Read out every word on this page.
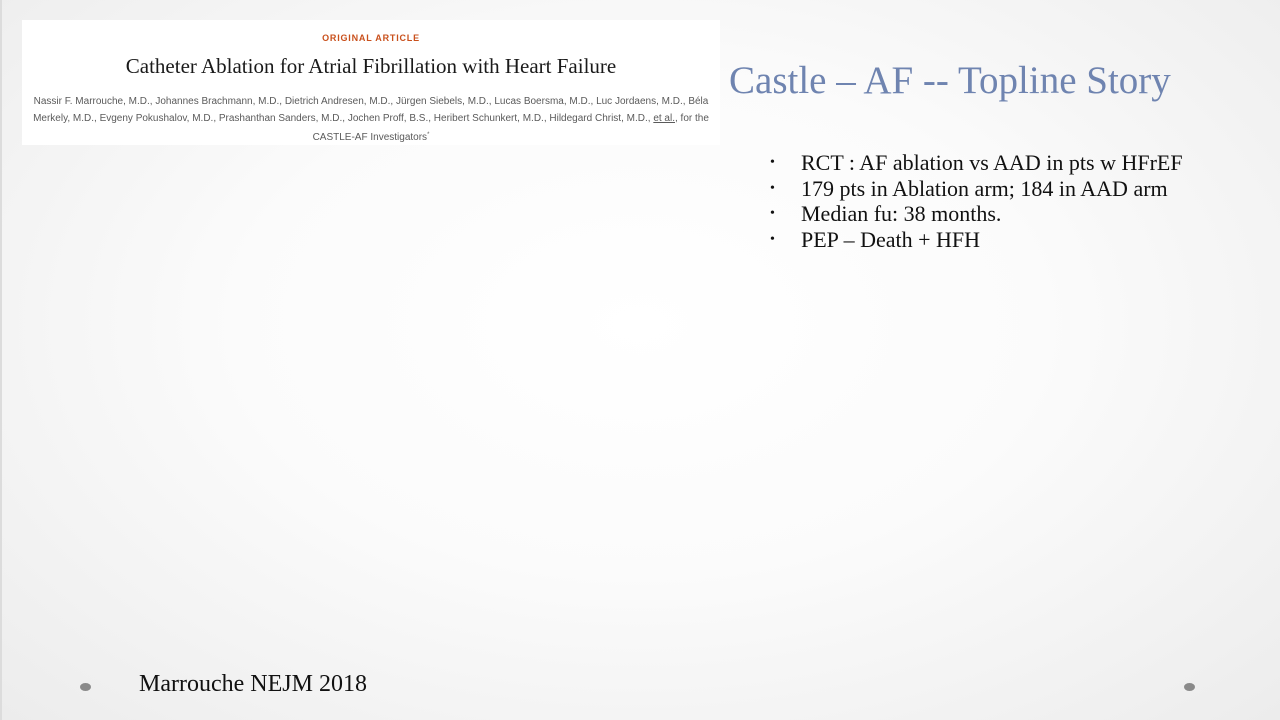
ORIGINAL ARTICLE
Catheter Ablation for Atrial Fibrillation with Heart Failure
Nassir F. Marrouche, M.D., Johannes Brachmann, M.D., Dietrich Andresen, M.D., Jürgen Siebels, M.D., Lucas Boersma, M.D., Luc Jordaens, M.D., Béla
Merkely, M.D., Evgeny Pokushalov, M.D., Prashanthan Sanders, M.D., Jochen Proff, B.S., Heribert Schunkert, M.D., Hildegard Christ, M.D., et al., for the
CASTLE-AF Investigators*
Castle – AF -- Topline Story
• RCT : AF ablation vs AAD in pts w HFrEF
• 179 pts in Ablation arm; 184 in AAD arm
• Median fu: 38 months.
• PEP – Death + HFH
Marrouche NEJM 2018
